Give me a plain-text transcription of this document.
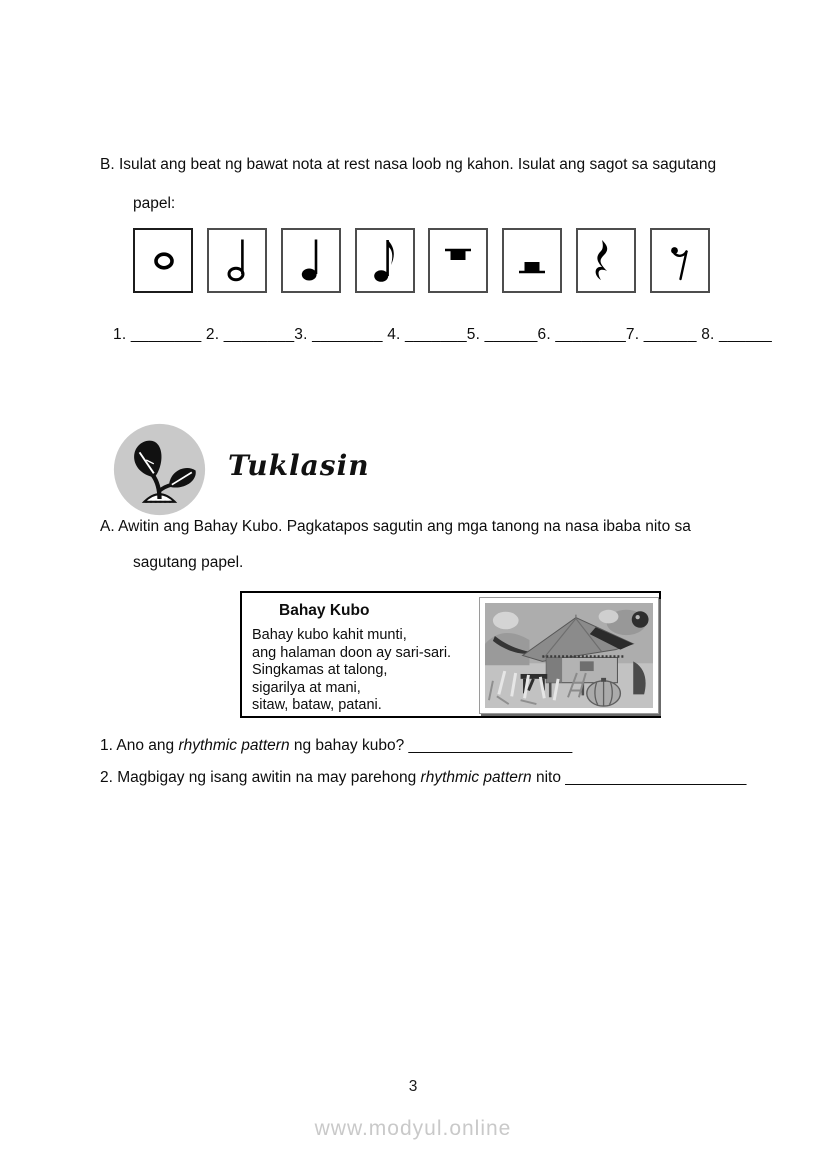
B. Isulat ang beat ng bawat nota at rest nasa loob ng kahon. Isulat ang sagot sa sagutang
papel:
1. ________ 2. ________3. ________ 4. _______5. ______6. ________7. ______ 8. ______
Tuklasin
A. Awitin ang Bahay Kubo. Pagkatapos sagutin ang mga tanong na nasa ibaba nito sa
sagutang papel.
Bahay Kubo
Bahay kubo kahit munti,
ang halaman doon ay sari-sari.
Singkamas at talong,
sigarilya at mani,
sitaw, bataw, patani.
1. Ano ang rhythmic pattern ng bahay kubo? ___________________
2. Magbigay ng isang awitin na may parehong rhythmic pattern nito _____________________
3
www.modyul.online
